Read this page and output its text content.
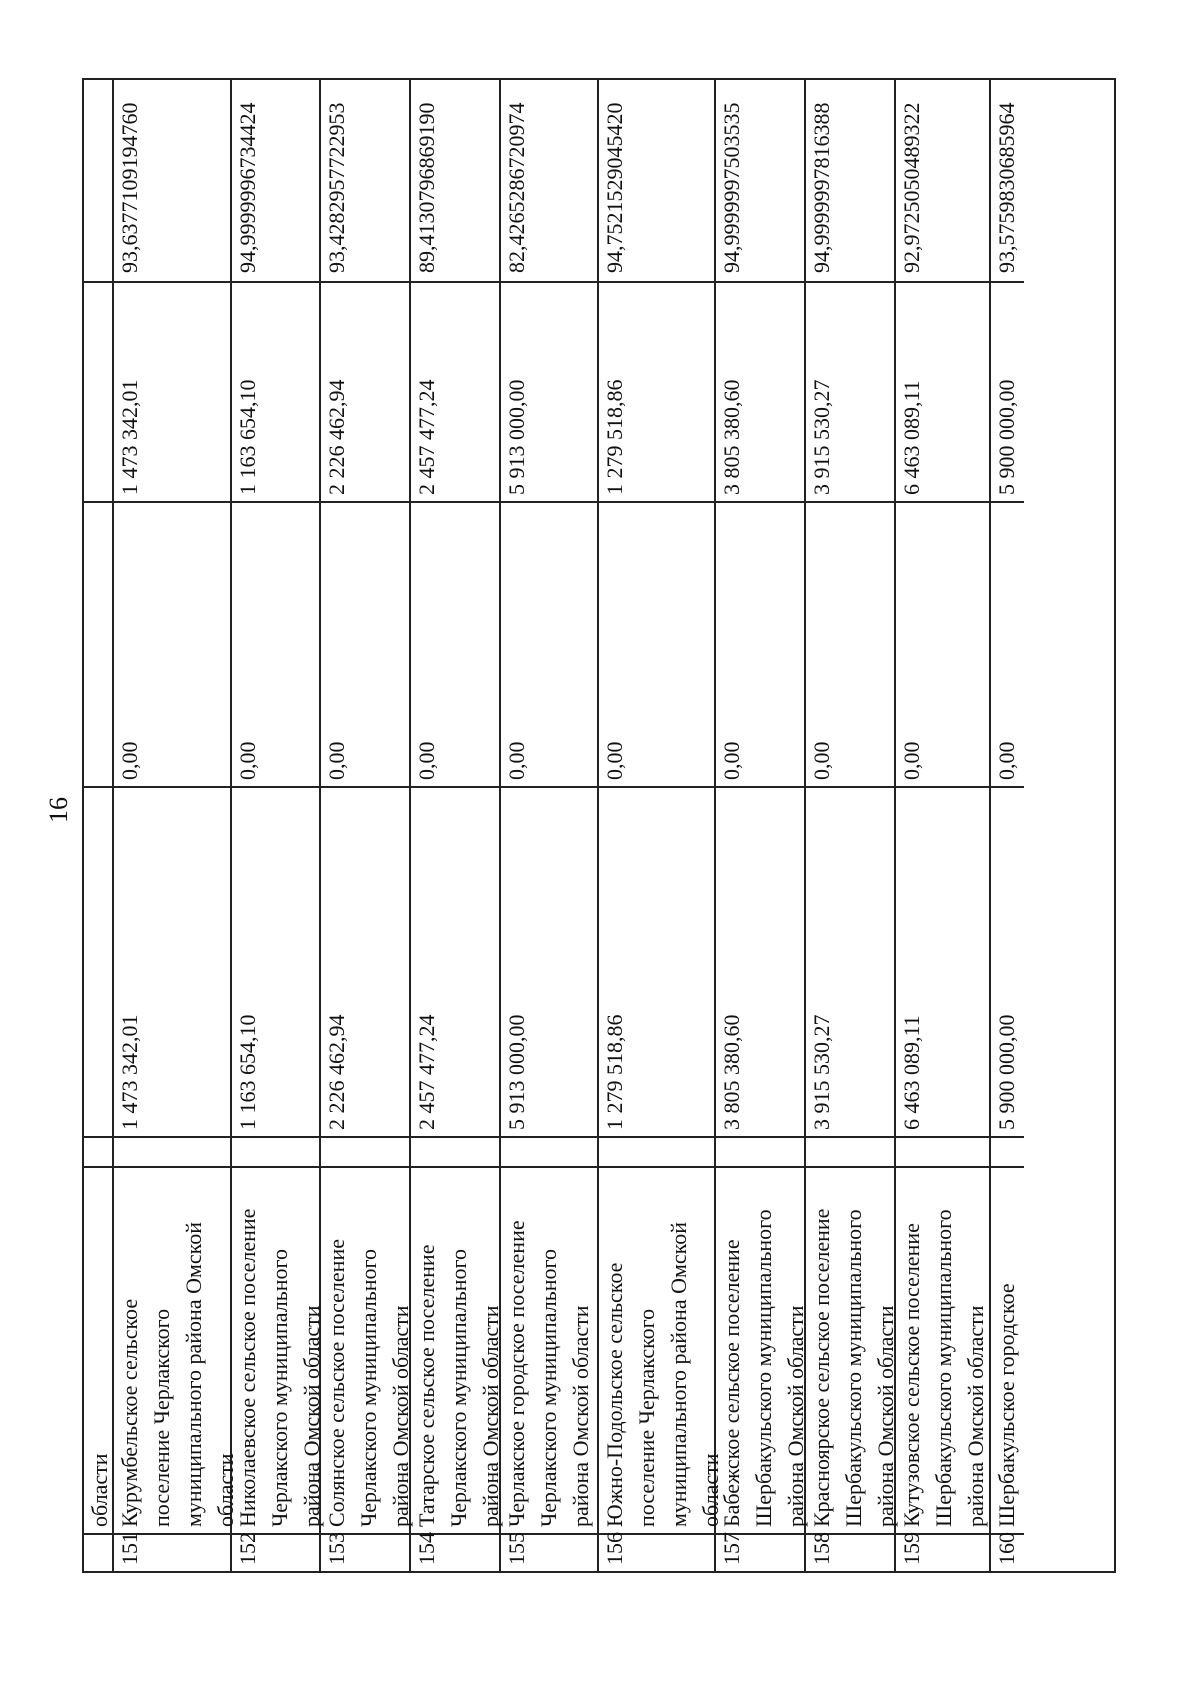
16
области
151
Курумбельское сельское поселение Черлакского муниципального района Омской области
1 473 342,01
0,00
1 473 342,01
93,6377109194760
152
Николаевское сельское поселение Черлакского муниципального района Омской области
1 163 654,10
0,00
1 163 654,10
94,9999996734424
153
Солянское сельское поселение Черлакского муниципального района Омской области
2 226 462,94
0,00
2 226 462,94
93,4282957722953
154
Татарское сельское поселение Черлакского муниципального района Омской области
2 457 477,24
0,00
2 457 477,24
89,4130796869190
155
Черлакское городское поселение Черлакского муниципального района Омской области
5 913 000,00
0,00
5 913 000,00
82,4265286720974
156
Южно-Подольское сельское поселение Черлакского муниципального района Омской области
1 279 518,86
0,00
1 279 518,86
94,7521529045420
157
Бабежское сельское поселение Шербакульского муниципального района Омской области
3 805 380,60
0,00
3 805 380,60
94,9999997503535
158
Красноярское сельское поселение Шербакульского муниципального района Омской области
3 915 530,27
0,00
3 915 530,27
94,9999997816388
159
Кутузовское сельское поселение Шербакульского муниципального района Омской области
6 463 089,11
0,00
6 463 089,11
92,9725050489322
160
Шербакульское городское
5 900 000,00
0,00
5 900 000,00
93,5759830685964
